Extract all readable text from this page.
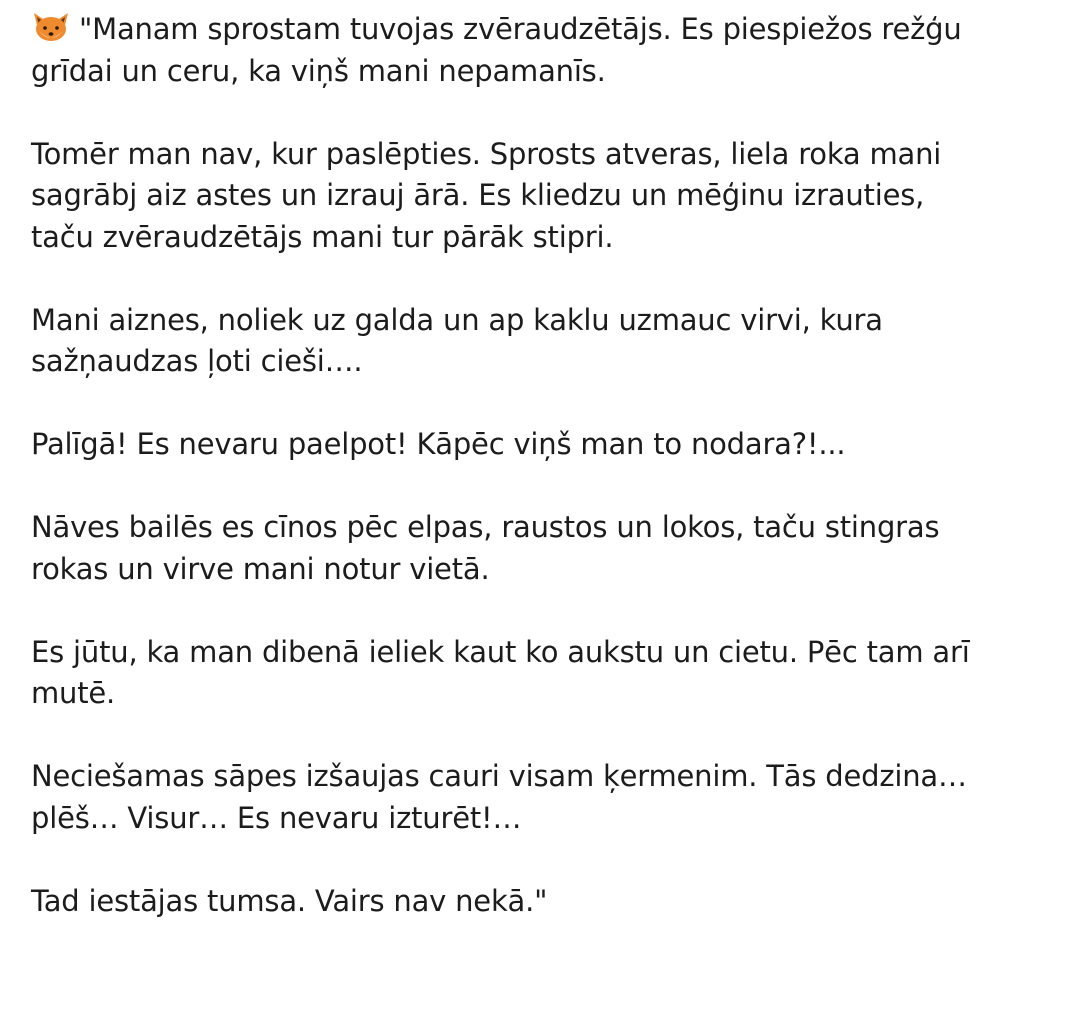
"Manam sprostam tuvojas zvēraudzētājs. Es piespiežos režģu
grīdai un ceru, ka viņš mani nepamanīs.

Tomēr man nav, kur paslēpties. Sprosts atveras, liela roka mani
sagrābj aiz astes un izrauj ārā. Es kliedzu un mēģinu izrauties,
taču zvēraudzētājs mani tur pārāk stipri.

Mani aiznes, noliek uz galda un ap kaklu uzmauc virvi, kura
sažņaudzas ļoti cieši….

Palīgā! Es nevaru paelpot! Kāpēc viņš man to nodara?!...

Nāves bailēs es cīnos pēc elpas, raustos un lokos, taču stingras
rokas un virve mani notur vietā.

Es jūtu, ka man dibenā ieliek kaut ko aukstu un cietu. Pēc tam arī
mutē.

Neciešamas sāpes izšaujas cauri visam ķermenim. Tās dedzina…
plēš… Visur… Es nevaru izturēt!…

Tad iestājas tumsa. Vairs nav nekā."
